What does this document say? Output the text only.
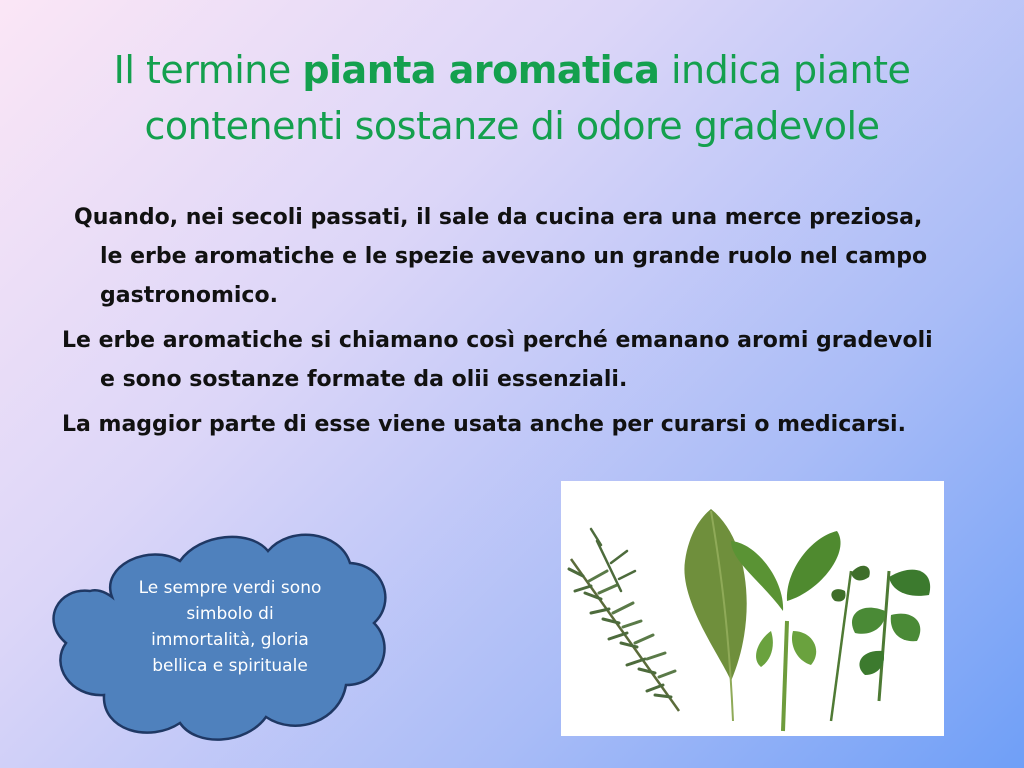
Il termine pianta aromatica indica piante contenenti sostanze di odore gradevole

Quando, nei secoli passati, il sale da cucina era una merce preziosa, le erbe aromatiche e le spezie avevano un grande ruolo nel campo gastronomico.

Le erbe aromatiche si chiamano così perché emanano aromi gradevoli e sono sostanze formate da olii essenziali.

La maggior parte di esse viene usata anche per curarsi o medicarsi.

Le sempre verdi sono simbolo di immortalità, gloria bellica e spirituale
